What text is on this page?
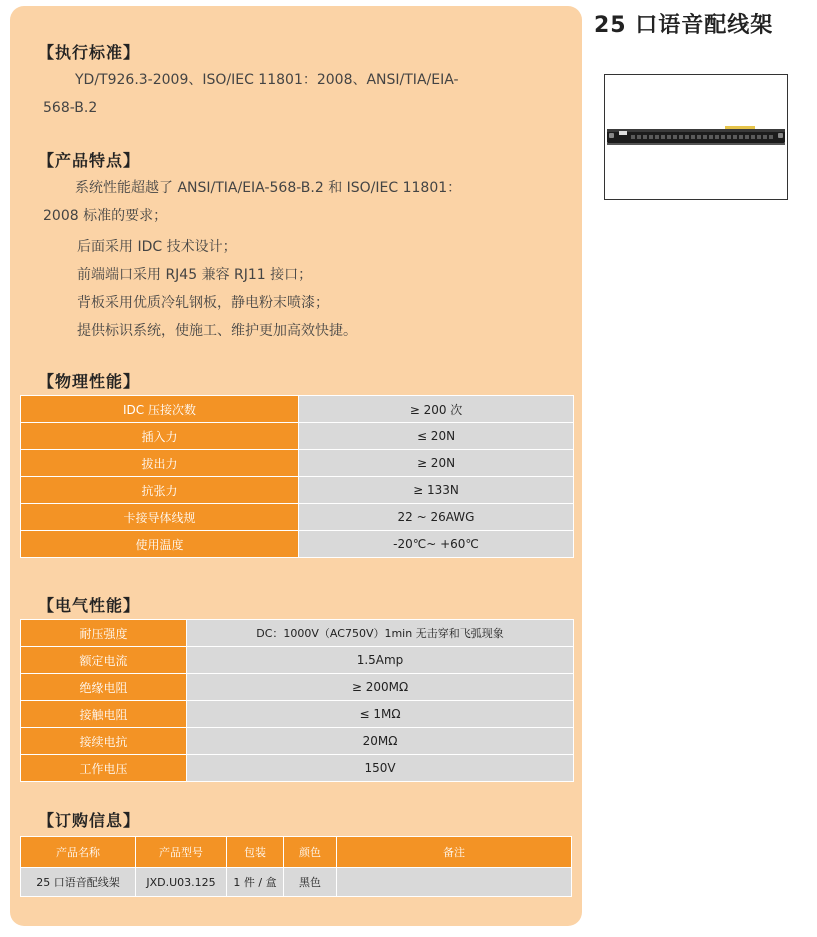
【执行标准】
YD/T926.3-2009、ISO/IEC 11801：2008、ANSI/TIA/EIA-
568-B.2
【产品特点】
系统性能超越了 ANSI/TIA/EIA-568-B.2 和 ISO/IEC 11801：
2008 标准的要求；
后面采用 IDC 技术设计；
前端端口采用 RJ45 兼容 RJ11 接口；
背板采用优质冷轧钢板，静电粉末喷漆；
提供标识系统，使施工、维护更加高效快捷。
【物理性能】
IDC 压接次数	≥ 200 次
插入力	≤ 20N
拔出力	≥ 20N
抗张力	≥ 133N
卡接导体线规	22 ~ 26AWG
使用温度	-20℃~ +60℃
【电气性能】
耐压强度	DC：1000V（AC750V）1min 无击穿和飞弧现象
额定电流	1.5Amp
绝缘电阻	≥ 200MΩ
接触电阻	≤ 1MΩ
接续电抗	20MΩ
工作电压	150V
【订购信息】
产品名称	产品型号	包装	颜色	备注
25 口语音配线架	JXD.U03.125	1 件 / 盒	黑色	
25 口语音配线架
